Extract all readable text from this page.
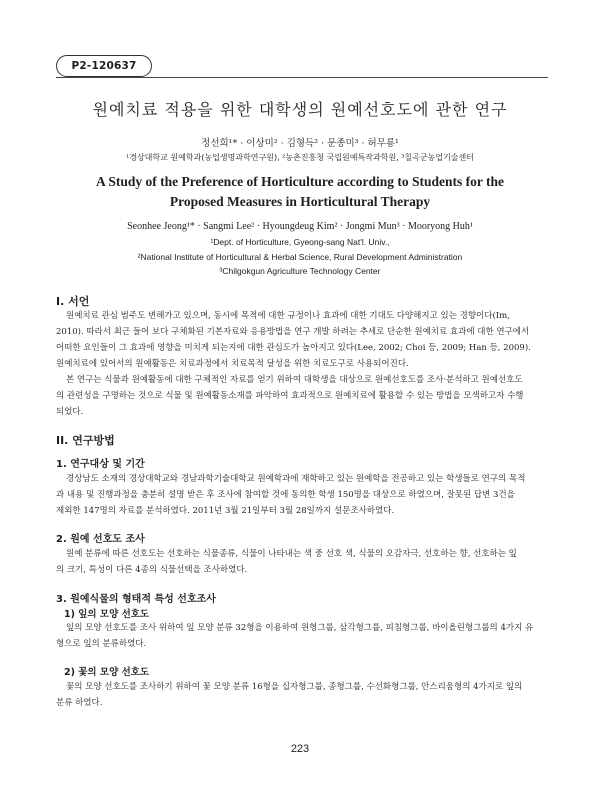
P2-120637
원예치료 적용을 위한 대학생의 원예선호도에 관한 연구
정선희¹* · 이상미² · 김형득² · 문종미³ · 허무룡¹
¹경상대학교 원예학과(농업생명과학연구원), ²농촌진흥청 국립원예특작과학원, ³칠곡군농업기술센터
A Study of the Preference of Horticulture according to Students for the
Proposed Measures in Horticultural Therapy
Seonhee Jeong¹* · Sangmi Lee² · Hyoungdeug Kim² · Jongmi Mun³ · Mooryong Huh¹
¹Dept. of Horticulture, Gyeong-sang Nat'l. Univ.,
²National Institute of Horticultural & Herbal Science, Rural Development Administration
³Chilgokgun Agriculture Technology Center
I. 서언
원예치료 관심 범주도 변해가고 있으며, 동시에 목적에 대한 규정이나 효과에 대한 기대도 다양해지고 있는 경향이다(Im,
2010). 따라서 최근 들어 보다 구체화된 기본자료와 응용방법을 연구 개발 하려는 추세로 단순한 원예치료 효과에 대한 연구에서
어떠한 요인들이 그 효과에 영향을 미치게 되는지에 대한 관심도가 높아지고 있다(Lee, 2002; Choi 등, 2009; Han 등, 2009).
원예치료에 있어서의 원예활동은 치료과정에서 치료목적 달성을 위한 치료도구로 사용되어진다.
본 연구는 식물과 원예활동에 대한 구체적인 자료를 얻기 위하여 대학생을 대상으로 원예선호도를 조사·분석하고 원예선호도
의 관련성을 구명하는 것으로 식물 및 원예활동소재를 파악하여 효과적으로 원예치료에 활용할 수 있는 방법을 모색하고자 수행
되었다.
II. 연구방법
1. 연구대상 및 기간
경상남도 소재의 경상대학교와 경남과학기술대학교 원예학과에 재학하고 있는 원예학을 전공하고 있는 학생들로 연구의 목적
과 내용 및 진행과정을 충분히 설명 받은 후 조사에 참여할 것에 동의한 학생 150명을 대상으로 하였으며, 잘못된 답변 3건을
제외한 147명의 자료를 분석하였다. 2011년 3월 21일부터 3월 28일까지 설문조사하였다.
2. 원예 선호도 조사
원예 분류에 따른 선호도는 선호하는 식물종류, 식물이 나타내는 색 중 선호 색, 식물의 오감자극, 선호하는 향, 선호하는 잎
의 크기, 특성이 다른 4종의 식물선택을 조사하였다.
3. 원예식물의 형태적 특성 선호조사
1) 잎의 모양 선호도
잎의 모양 선호도를 조사 위하여 잎 모양 분류 32형을 이용하여 원형그룹, 삼각형그룹, 피침형그룹, 바이올린형그룹의 4가지 유
형으로 잎의 분류하였다.
2) 꽃의 모양 선호도
꽃의 모양 선호도를 조사하기 위하여 꽃 모양 분류 16형을 십자형그룹, 종형그룹, 수선화형그룹, 안스리움형의 4가지로 잎의
분류 하였다.
223
